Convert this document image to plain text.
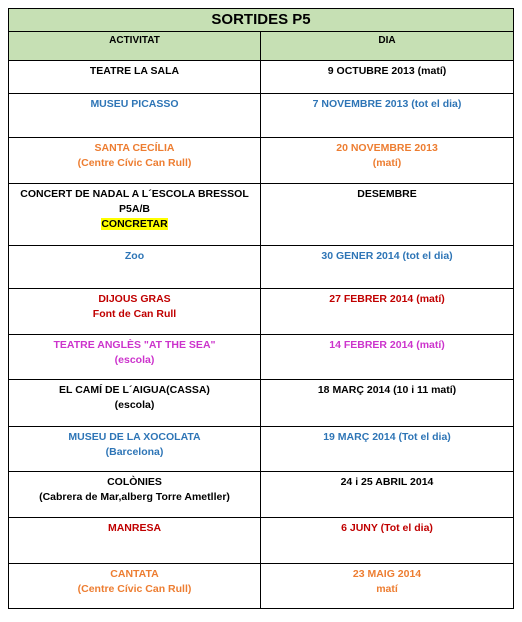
SORTIDES P5	
ACTIVITAT	DIA

TEATRE LA SALA	9 OCTUBRE 2013 (matí)

MUSEU PICASSO	7 NOVEMBRE 2013 (tot el dia)

SANTA CECÍLIA
(Centre Cívic Can Rull)	20 NOVEMBRE 2013
(matí)

CONCERT DE NADAL A L´ESCOLA BRESSOL
P5A/B
CONCRETAR	DESEMBRE

Zoo	30 GENER 2014 (tot el dia)

DIJOUS GRAS
Font de Can Rull	27 FEBRER 2014 (matí)

TEATRE ANGLÈS "AT THE SEA"
(escola)	14 FEBRER 2014 (matí)

EL CAMÍ DE L´AIGUA(CASSA)
(escola)	18 MARÇ 2014 (10 i 11 matí)

MUSEU DE LA XOCOLATA
(Barcelona)	19 MARÇ 2014 (Tot el dia)

COLÒNIES
(Cabrera de Mar,alberg Torre Ametller)	24 i 25 ABRIL 2014

MANRESA	6 JUNY (Tot el dia)

CANTATA
(Centre Cívic Can Rull)	23 MAIG 2014
matí
